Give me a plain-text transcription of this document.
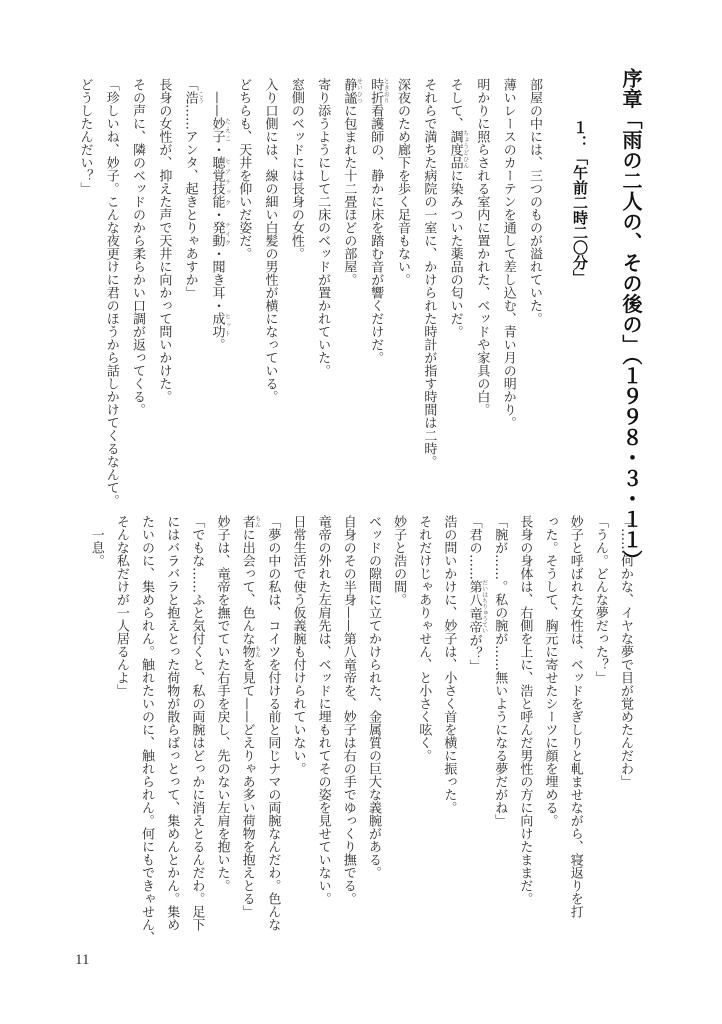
序章「雨の二人の、その後の」（１９９８・３・１１）
１：「午前二時二〇分」
部屋の中には、三つのものが溢れていた。
薄いレースのカーテンを通して差し込む、青い月の明かり。
明かりに照らされる室内に置かれた、ベッドや家具の白。
そして、調度品 ちょうどひんに染みついた薬品の匂いだ。
それらで満ちた病院の一室に、かけられた時計が指す時間は二時。
深夜のため廊下を歩く足音もない。
時折 ときおり看護師の、静かに床を踏む音が響くだけだ。
静謐 せいひつに包まれた十二畳ほどの部屋。
寄り添うようにして二床のベッドが置かれていた。
窓側のベッドには長身の女性。
入り口側には、線の細い白髪の男性が横になっている。
どちらも、天井を仰いだ姿だ。
　——妙子 たえこ・聴覚技能 ヒアテック・発動 テイク・聞き耳・成功 ヒット。
「浩 こう……アンタ、起きとりゃあすか」
長身の女性が、抑えた声で天井に向かって問いかけた。
その声に、隣のベッドのから柔らかい口調が返ってくる。
「珍しいね、妙子。こんな夜更けに君のほうから話しかけてくるなんて。
どうしたんだい？」
「……何かな、イヤな夢で目が覚めたんだわ」
「うん。どんな夢だった？」
妙子と呼ばれた女性は、ベッドをぎしりと軋ませながら、寝返りを打
った。そうして、胸元に寄せたシーツに顔を埋める。
長身の身体は、右側を上に、浩と呼んだ男性の方に向けたままだ。
「腕が……。私の腕が……無いようになる夢だがね」
「君の……第八竜帝 だいはちりゅうていが？」
浩の問いかけに、妙子は、小さく首を横に振った。
それだけじゃありゃせん、と小さく呟く。
妙子と浩の間。
ベッドの隙間に立てかけられた、金属質の巨大な義腕がある。
自身のその半身——第八竜帝を、妙子は右の手でゆっくり撫でる。
竜帝の外れた左肩先は、ベッドに埋もれてその姿を見せていない。
日常生活で使う仮義腕も付けられていない。
「夢の中の私は、コイツを付ける前と同じナマの両腕なんだわ。色んな
者 もんに出会って、色んな物 もんを見て——どえりゃあ多い荷物を抱えとる」
妙子は、竜帝を撫でていた右手を戻し、先のない左肩を抱いた。
「でもな……ふと気付くと、私の両腕はどっかに消えとるんだわ。足下
にはバラバラと抱えとった荷物が散らばっとって、集めんとかん。集め
たいのに、集められん。触れたいのに、触れられん。何にもできゃせん、
そんな私だけが一人居るんよ」
　一息。
11
